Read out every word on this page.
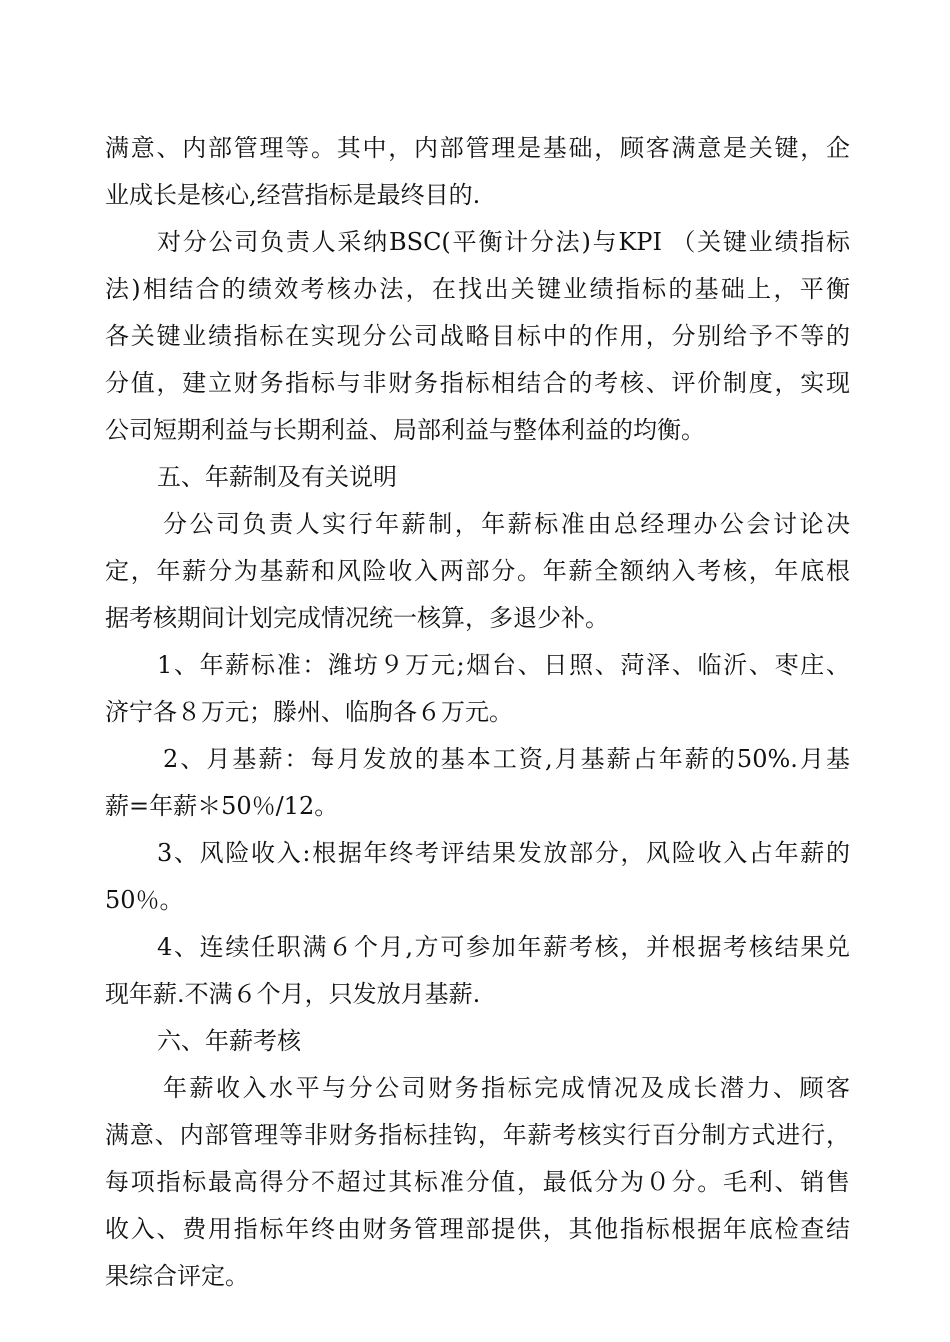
满意、内部管理等。其中，内部管理是基础，顾客满意是关键，企

业成长是核心,经营指标是最终目的.

对分公司负责人采纳BSC(平衡计分法)与KPI （关键业绩指标

法)相结合的绩效考核办法，在找出关键业绩指标的基础上，平衡

各关键业绩指标在实现分公司战略目标中的作用，分别给予不等的

分值，建立财务指标与非财务指标相结合的考核、评价制度，实现

公司短期利益与长期利益、局部利益与整体利益的均衡。

五、年薪制及有关说明

分公司负责人实行年薪制，年薪标准由总经理办公会讨论决

定，年薪分为基薪和风险收入两部分。年薪全额纳入考核，年底根

据考核期间计划完成情况统一核算，多退少补。

1、年薪标准：潍坊９万元;烟台、日照、菏泽、临沂、枣庄、

济宁各８万元；滕州、临朐各６万元。

2、月基薪：每月发放的基本工资,月基薪占年薪的50%.月基

薪=年薪＊50％/12。

3、风险收入:根据年终考评结果发放部分，风险收入占年薪的

50％。

4、连续任职满６个月,方可参加年薪考核，并根据考核结果兑

现年薪.不满６个月，只发放月基薪.

六、年薪考核

年薪收入水平与分公司财务指标完成情况及成长潜力、顾客

满意、内部管理等非财务指标挂钩，年薪考核实行百分制方式进行，

每项指标最高得分不超过其标准分值，最低分为０分。毛利、销售

收入、费用指标年终由财务管理部提供，其他指标根据年底检查结

果综合评定。
